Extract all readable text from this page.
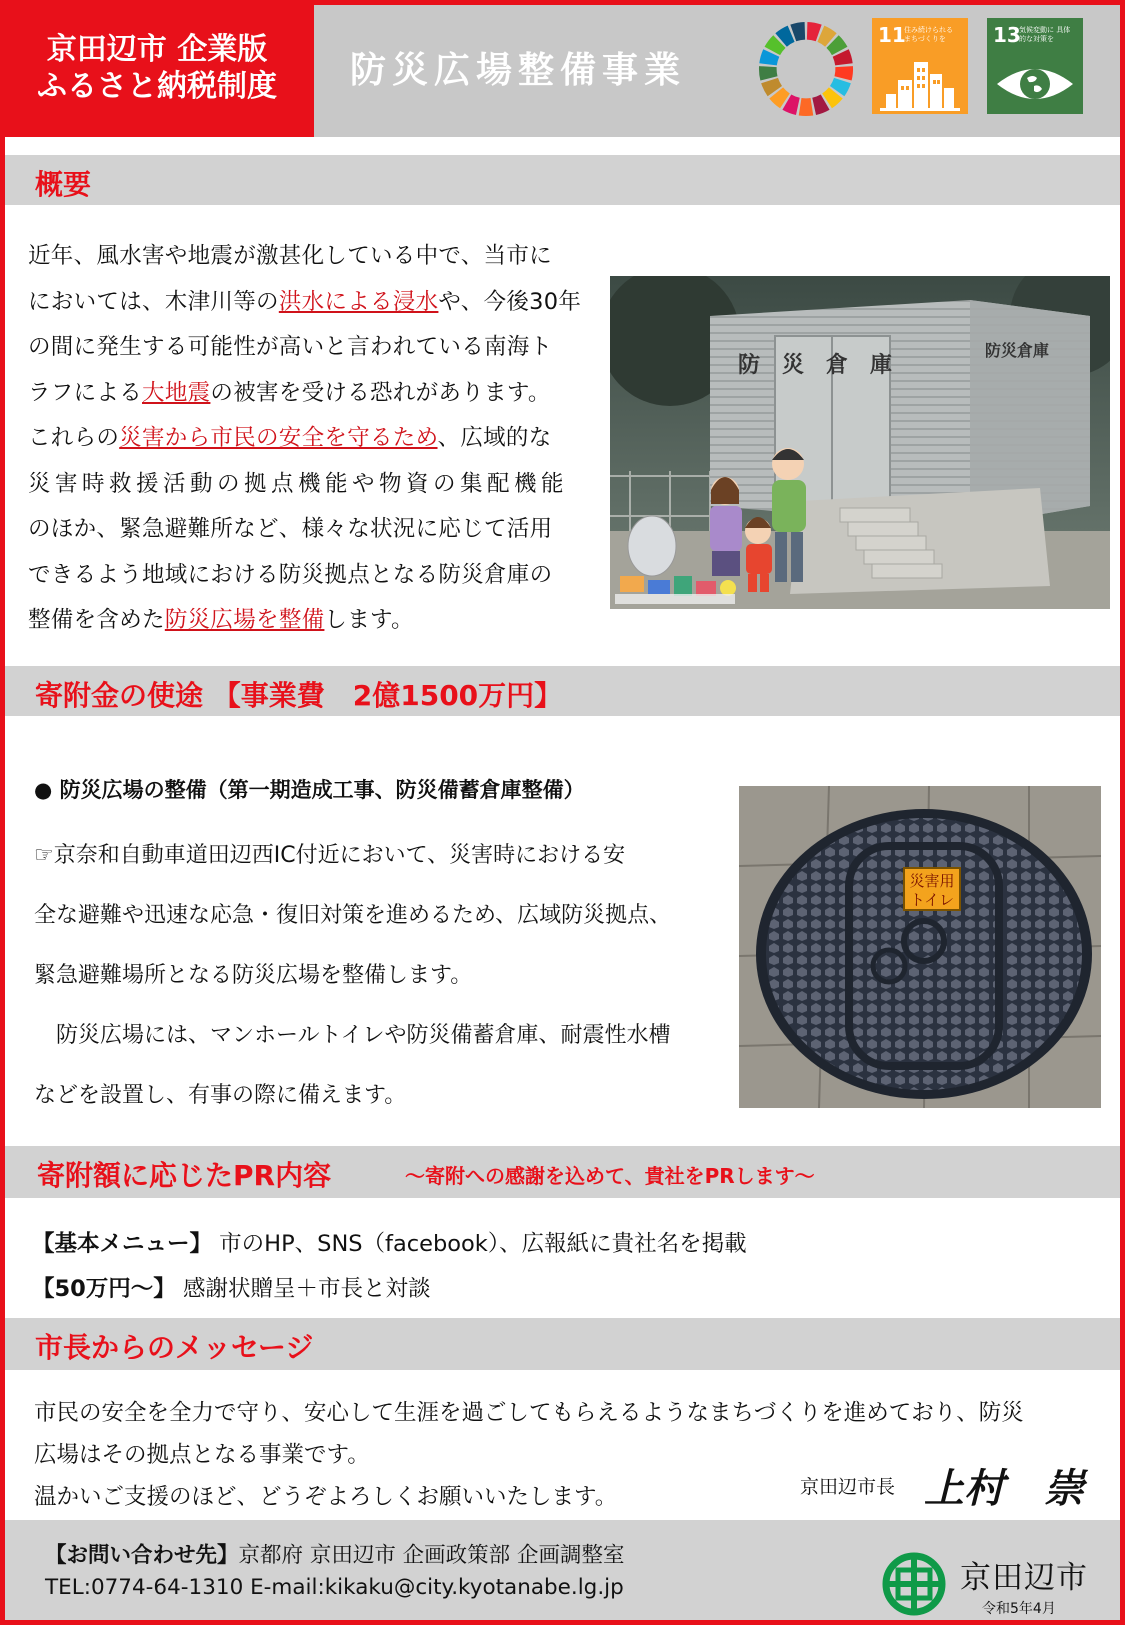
京田辺市 企業版
ふるさと納税制度 防災広場整備事業
11
住み続けられる まちづくりを	13
気候変動に 具体的な対策を
概要
近年、風水害や地震が激甚化している中で、当市に
においては、木津川等の洪水による浸水や、今後30年
の間に発生する可能性が高いと言われている南海ト
ラフによる大地震の被害を受ける恐れがあります。
これらの災害から市民の安全を守るため、広域的な
災害時救援活動の拠点機能や物資の集配機能
のほか、緊急避難所など、様々な状況に応じて活用
できるよう地域における防災拠点となる防災倉庫の
整備を含めた防災広場を整備します。
防　災　倉　庫
防災倉庫
寄附金の使途 【事業費　2億1500万円】
● 防災広場の整備（第一期造成工事、防災備蓄倉庫整備）
☞京奈和自動車道田辺西IC付近において、災害時における安
全な避難や迅速な応急・復旧対策を進めるため、広域防災拠点、
緊急避難場所となる防災広場を整備します。
　防災広場には、マンホールトイレや防災備蓄倉庫、耐震性水槽
などを設置し、有事の際に備えます。
災害用
トイレ
寄附額に応じたPR内容	～寄附への感謝を込めて、貴社をPRします～
【基本メニュー】 市のHP、SNS（facebook）、広報紙に貴社名を掲載
【50万円～】 感謝状贈呈＋市長と対談
市長からのメッセージ
市民の安全を全力で守り、安心して生涯を過ごしてもらえるようなまちづくりを進めており、防災
広場はその拠点となる事業です。
温かいご支援のほど、どうぞよろしくお願いいたします。	京田辺市長 上村　崇
【お問い合わせ先】京都府 京田辺市 企画政策部 企画調整室
TEL:0774-64-1310 E-mail:kikaku@city.kyotanabe.lg.jp	京田辺市
令和5年4月
